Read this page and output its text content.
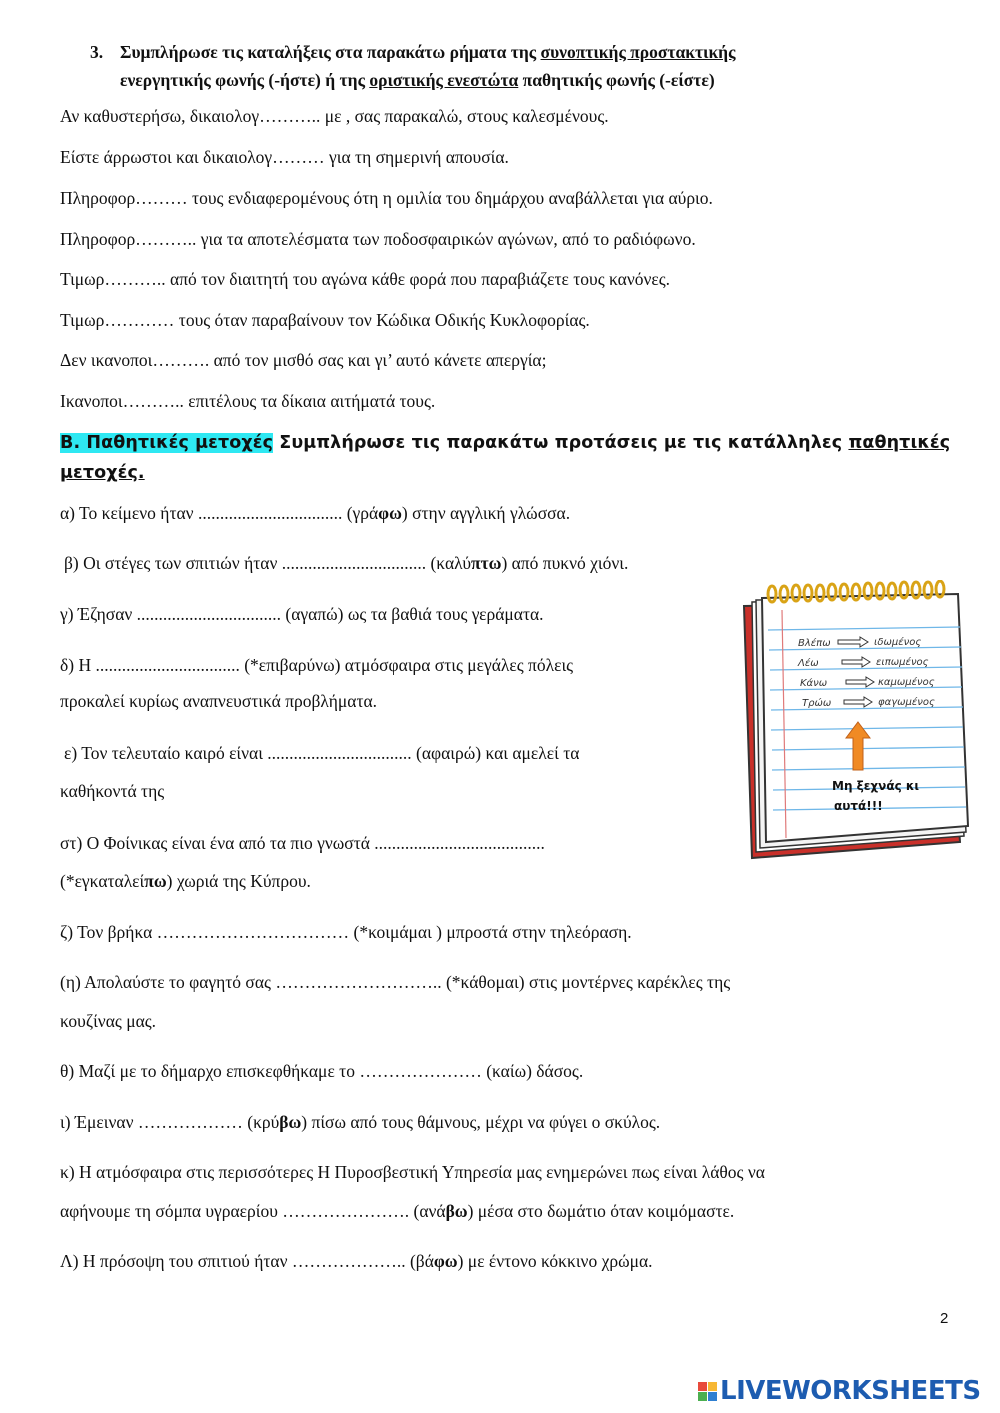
3. Συμπλήρωσε τις καταλήξεις στα παρακάτω ρήματα της συνοπτικής προστακτικής
ενεργητικής φωνής (-ήστε) ή της οριστικής ενεστώτα παθητικής φωνής (-είστε)
Αν καθυστερήσω, δικαιολογ……….. με , σας παρακαλώ, στους καλεσμένους.
Είστε άρρωστοι και δικαιολογ……… για τη σημερινή απουσία.
Πληροφορ……… τους ενδιαφερομένους ότη η ομιλία του δημάρχου αναβάλλεται για αύριο.
Πληροφορ……….. για τα αποτελέσματα των ποδοσφαιρικών αγώνων, από το ραδιόφωνο.
Τιμωρ……….. από τον διαιτητή του αγώνα κάθε φορά που παραβιάζετε τους κανόνες.
Τιμωρ………… τους όταν παραβαίνουν τον Κώδικα Οδικής Κυκλοφορίας.
Δεν ικανοποι………. από τον μισθό σας και γι’ αυτό κάνετε απεργία;
Ικανοποι……….. επιτέλους τα δίκαια αιτήματά τους.
Β. Παθητικές μετοχές Συμπλήρωσε τις παρακάτω προτάσεις με τις κατάλληλες παθητικές μετοχές.
α) Το κείμενο ήταν ................................. (γράφω) στην αγγλική γλώσσα.
β) Οι στέγες των σπιτιών ήταν ................................. (καλύπτω) από πυκνό χιόνι.
γ) Έζησαν ................................. (αγαπώ) ως τα βαθιά τους γεράματα.
δ) Η ................................. (*επιβαρύνω) ατμόσφαιρα στις μεγάλες πόλεις
προκαλεί κυρίως αναπνευστικά προβλήματα.
ε) Τον τελευταίο καιρό είναι ................................. (αφαιρώ) και αμελεί τα
καθήκοντά της
στ) Ο Φοίνικας είναι ένα από τα πιο γνωστά .......................................
(*εγκαταλείπω) χωριά της Κύπρου.
ζ) Τον βρήκα …………………………… (*κοιμάμαι ) μπροστά στην τηλεόραση.
(η) Απολαύστε το φαγητό σας ……………………….. (*κάθομαι) στις μοντέρνες καρέκλες της
κουζίνας μας.
θ) Μαζί με το δήμαρχο επισκεφθήκαμε το ………………… (καίω) δάσος.
ι) Έμειναν ……………… (κρύβω) πίσω από τους θάμνους, μέχρι να φύγει ο σκύλος.
κ) Η ατμόσφαιρα στις περισσότερες Η Πυροσβεστική Υπηρεσία μας ενημερώνει πως είναι λάθος να
αφήνουμε τη σόμπα υγραερίου …………………. (ανάβω) μέσα στο δωμάτιο όταν κοιμόμαστε.
Λ) Η πρόσοψη του σπιτιού ήταν ……………….. (βάφω) με έντονο κόκκινο χρώμα.
Βλέπω	ιδωμένος
Λέω	ειπωμένος
Κάνω	καμωμένος
Τρώω	φαγωμένος
Μη ξεχνάς κι
αυτά!!!
2
LIVEWORKSHEETS
